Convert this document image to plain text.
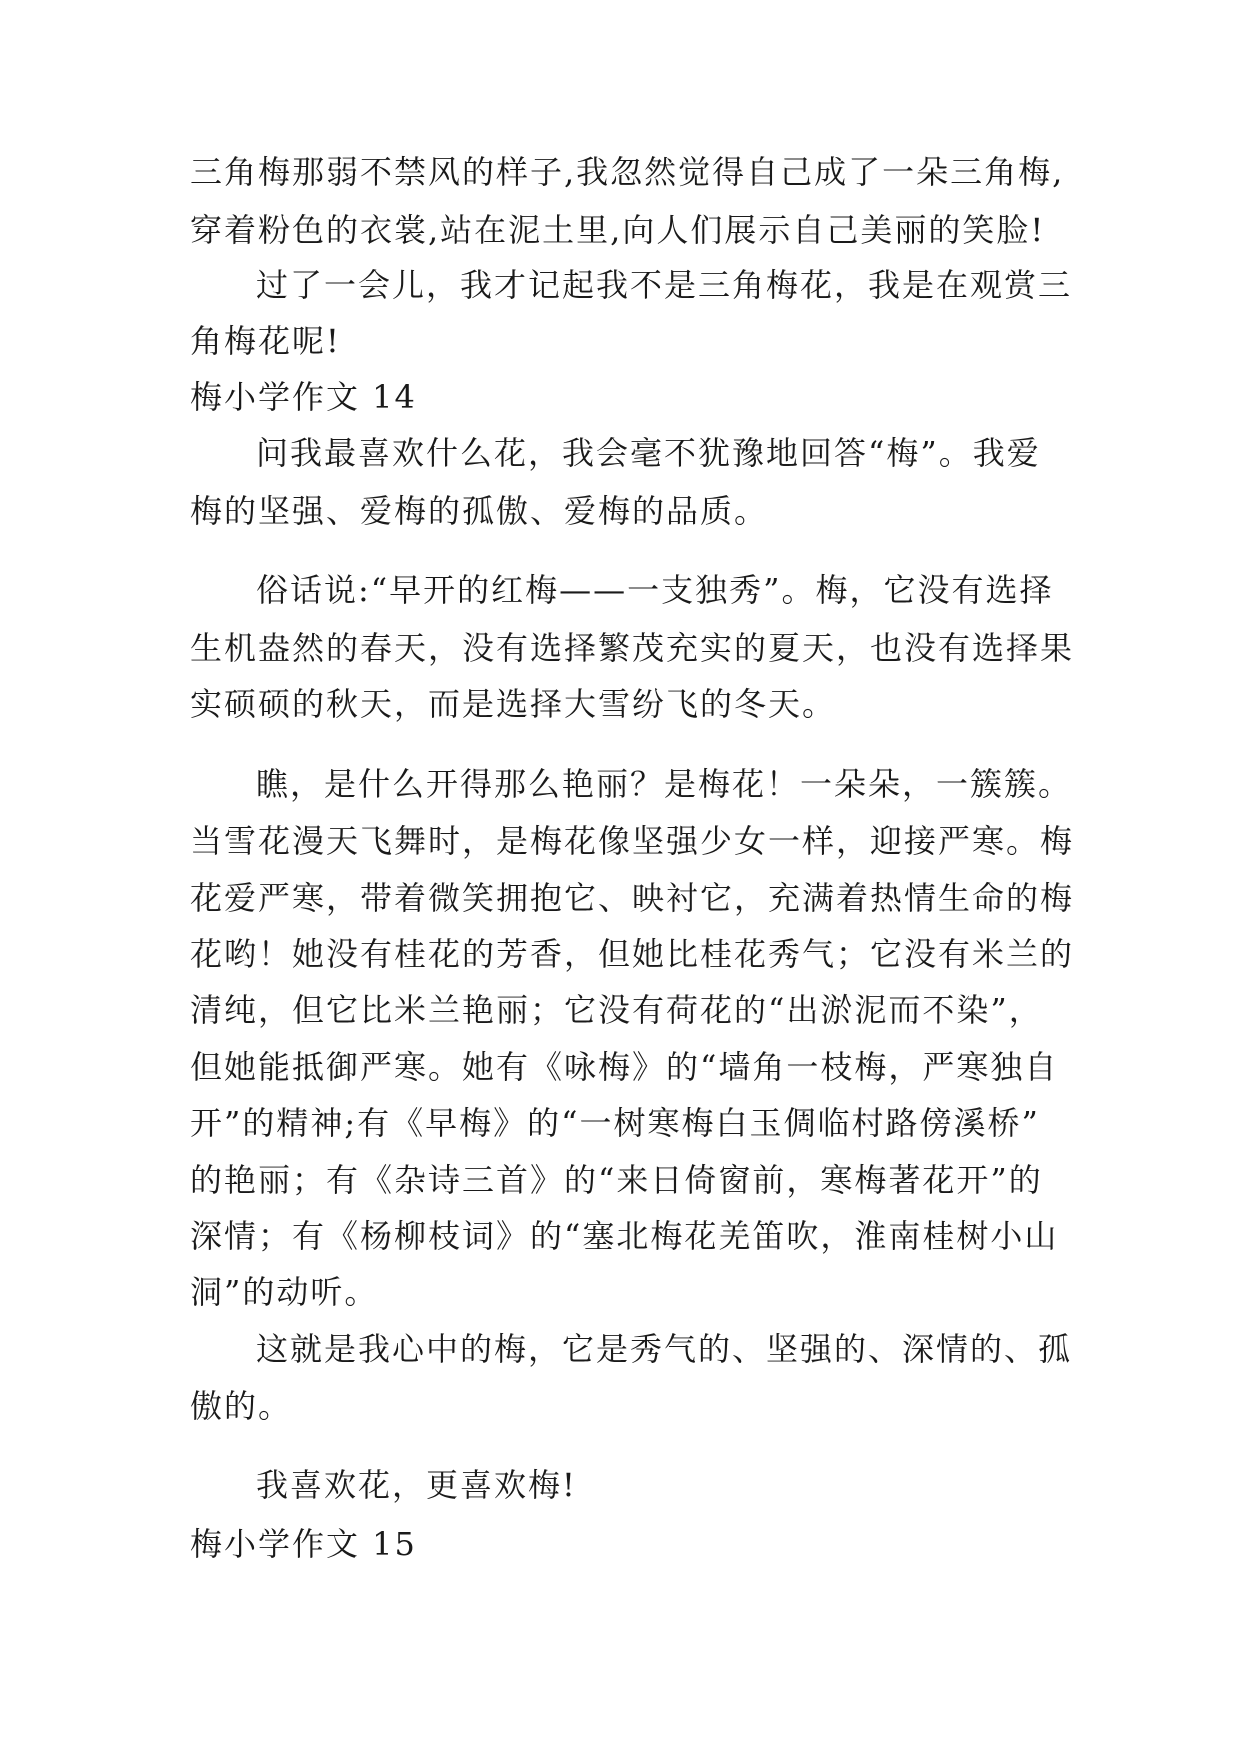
三角梅那弱不禁风的样子,我忽然觉得自己成了一朵三角梅,
穿着粉色的衣裳,站在泥土里,向人们展示自己美丽的笑脸!
过了一会儿，我才记起我不是三角梅花，我是在观赏三
角梅花呢!
梅小学作文 14
问我最喜欢什么花，我会毫不犹豫地回答“梅”。我爱
梅的坚强、爱梅的孤傲、爱梅的品质。
俗话说:“早开的红梅——一支独秀”。梅，它没有选择
生机盎然的春天，没有选择繁茂充实的夏天，也没有选择果
实硕硕的秋天，而是选择大雪纷飞的冬天。
瞧，是什么开得那么艳丽？是梅花！一朵朵，一簇簇。
当雪花漫天飞舞时，是梅花像坚强少女一样，迎接严寒。梅
花爱严寒，带着微笑拥抱它、映衬它，充满着热情生命的梅
花哟！她没有桂花的芳香，但她比桂花秀气；它没有米兰的
清纯，但它比米兰艳丽；它没有荷花的“出淤泥而不染”，
但她能抵御严寒。她有《咏梅》的“墙角一枝梅，严寒独自
开”的精神;有《早梅》的“一树寒梅白玉倜临村路傍溪桥”
的艳丽；有《杂诗三首》的“来日倚窗前，寒梅著花开”的
深情；有《杨柳枝词》的“塞北梅花羌笛吹，淮南桂树小山
洞”的动听。
这就是我心中的梅，它是秀气的、坚强的、深情的、孤
傲的。
我喜欢花，更喜欢梅!
梅小学作文 15
